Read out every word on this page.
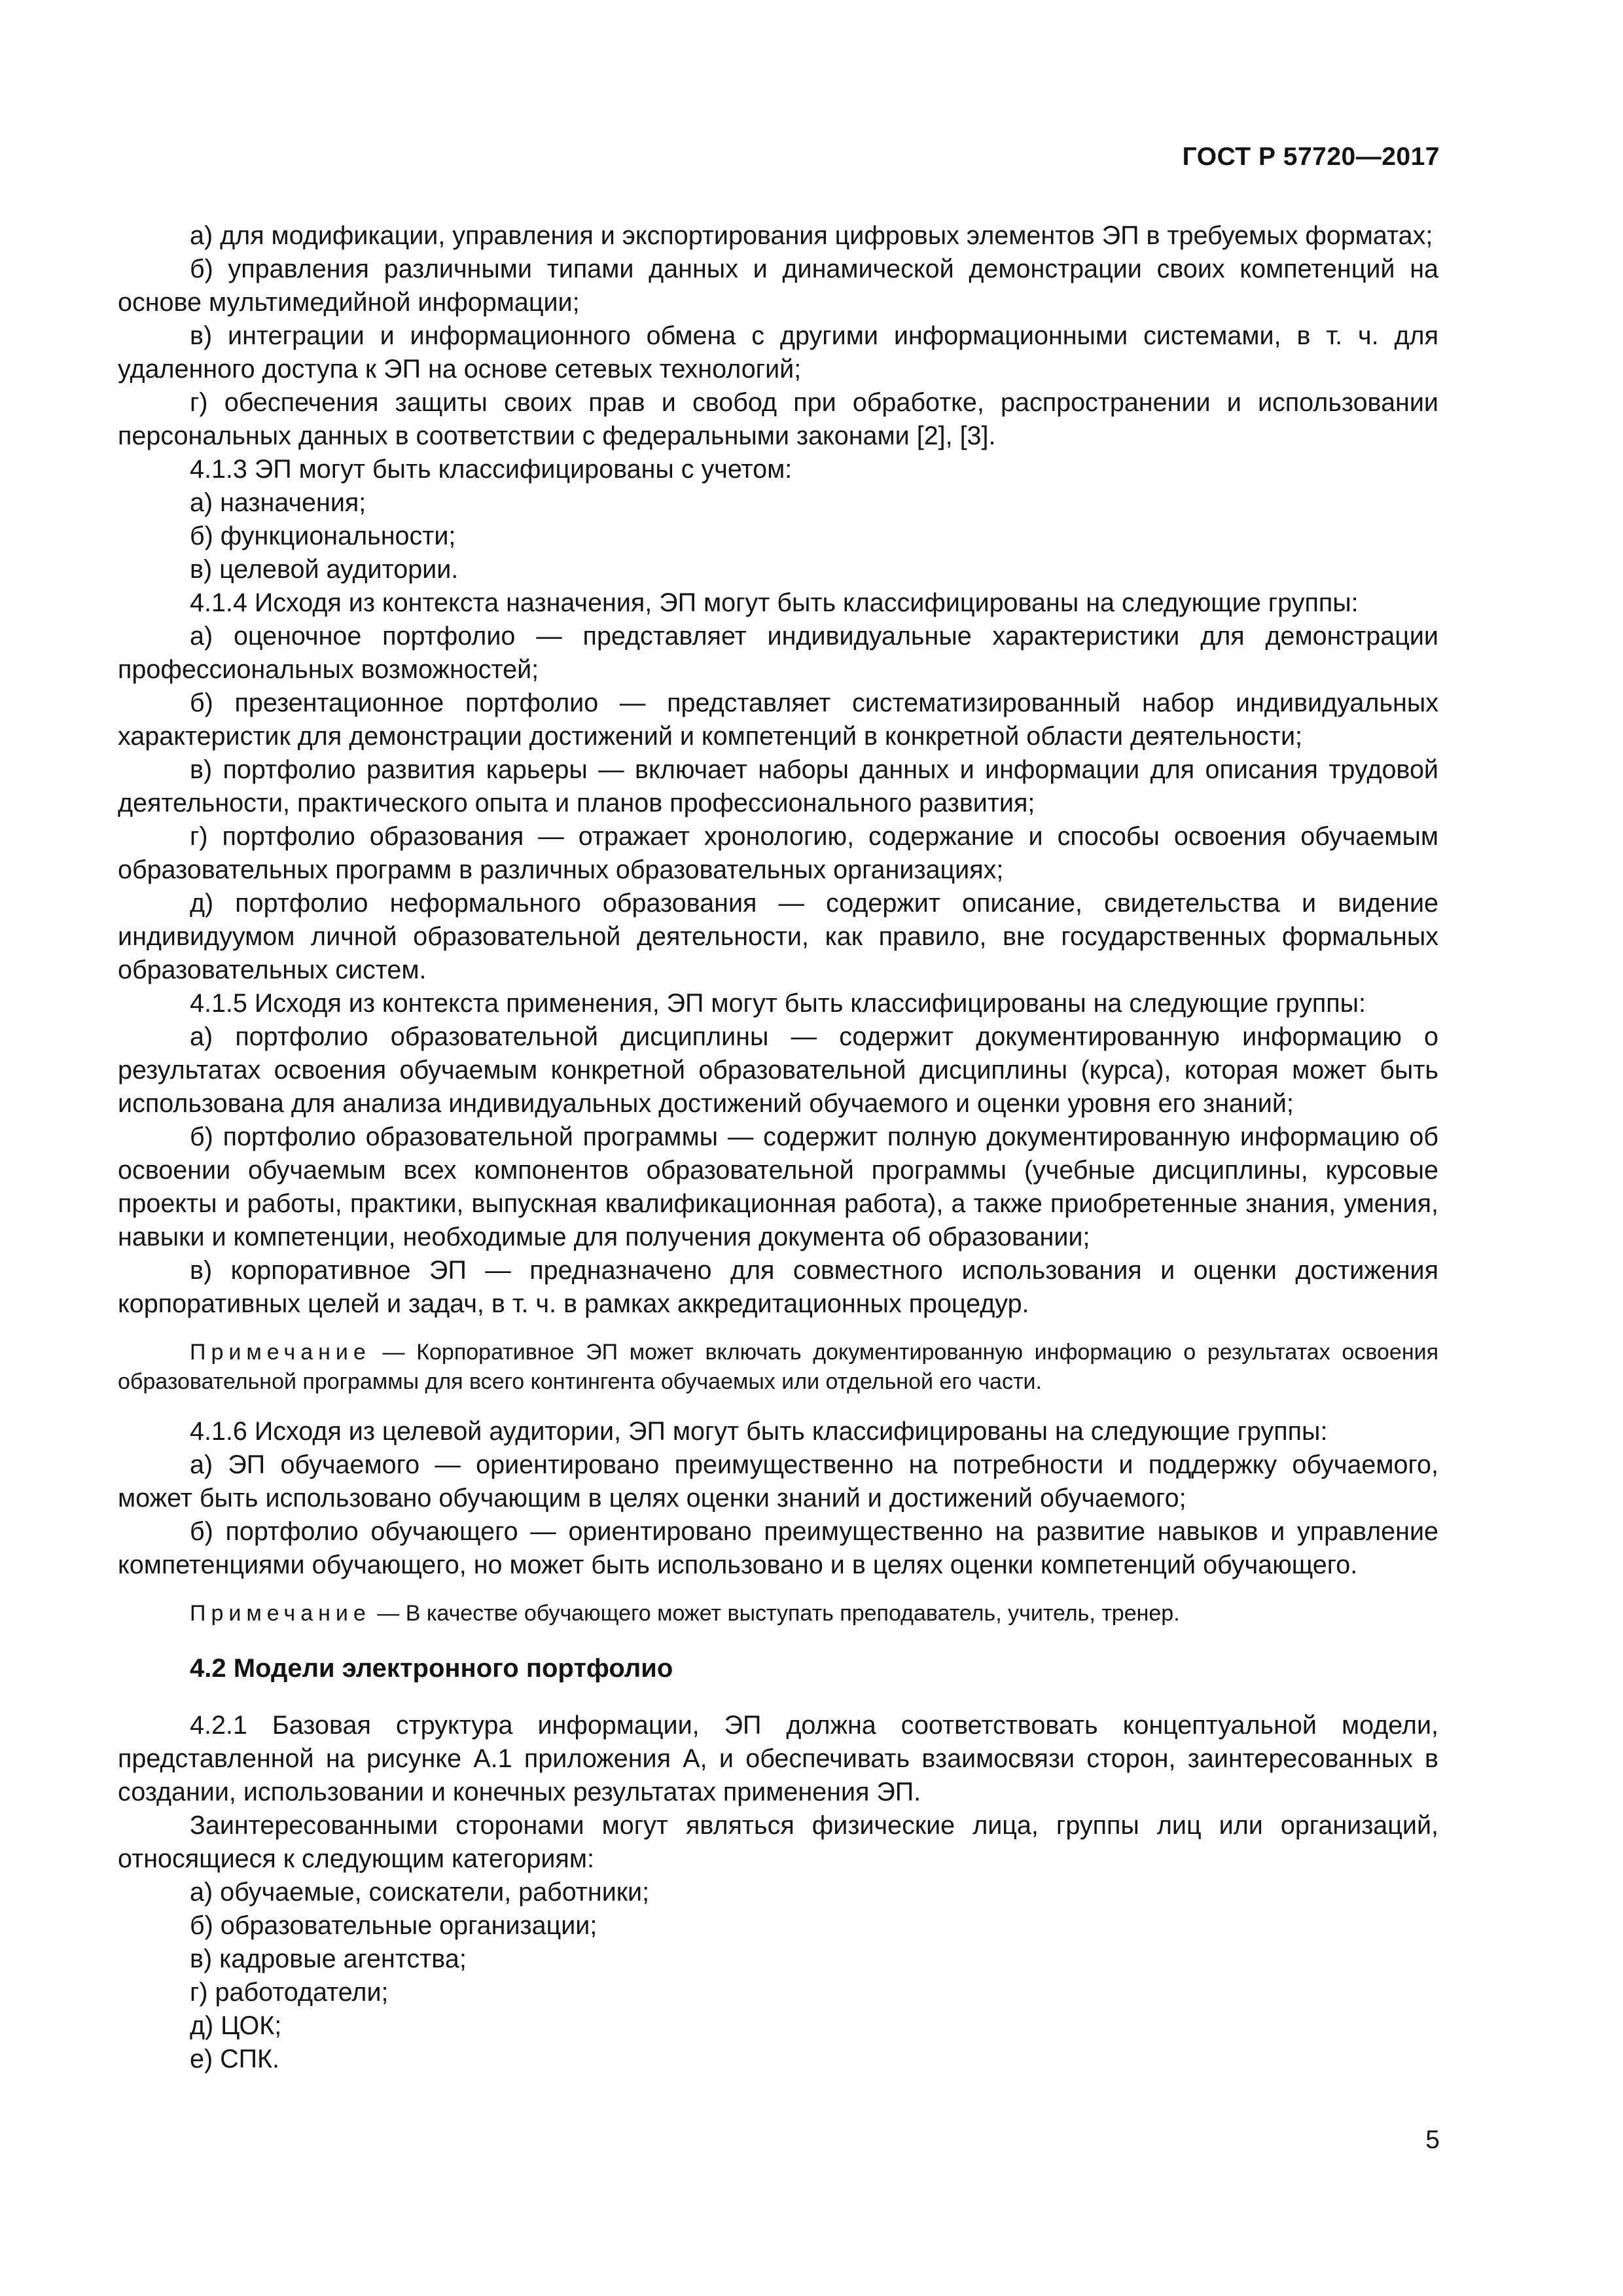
ГОСТ Р 57720—2017

а) для модификации, управления и экспортирования цифровых элементов ЭП в требуемых форматах;

б) управления различными типами данных и динамической демонстрации своих компетенций на основе мультимедийной информации;

в) интеграции и информационного обмена с другими информационными системами, в т. ч. для удаленного доступа к ЭП на основе сетевых технологий;

г) обеспечения защиты своих прав и свобод при обработке, распространении и использовании персональных данных в соответствии с федеральными законами [2], [3].

4.1.3 ЭП могут быть классифицированы с учетом:

а) назначения;

б) функциональности;

в) целевой аудитории.

4.1.4 Исходя из контекста назначения, ЭП могут быть классифицированы на следующие группы:

а) оценочное портфолио — представляет индивидуальные характеристики для демонстрации профессиональных возможностей;

б) презентационное портфолио — представляет систематизированный набор индивидуальных характеристик для демонстрации достижений и компетенций в конкретной области деятельности;

в) портфолио развития карьеры — включает наборы данных и информации для описания трудовой деятельности, практического опыта и планов профессионального развития;

г) портфолио образования — отражает хронологию, содержание и способы освоения обучаемым образовательных программ в различных образовательных организациях;

д) портфолио неформального образования — содержит описание, свидетельства и видение индивидуумом личной образовательной деятельности, как правило, вне государственных формальных образовательных систем.

4.1.5 Исходя из контекста применения, ЭП могут быть классифицированы на следующие группы:

а) портфолио образовательной дисциплины — содержит документированную информацию о результатах освоения обучаемым конкретной образовательной дисциплины (курса), которая может быть использована для анализа индивидуальных достижений обучаемого и оценки уровня его знаний;

б) портфолио образовательной программы — содержит полную документированную информацию об освоении обучаемым всех компонентов образовательной программы (учебные дисциплины, курсовые проекты и работы, практики, выпускная квалификационная работа), а также приобретенные знания, умения, навыки и компетенции, необходимые для получения документа об образовании;

в) корпоративное ЭП — предназначено для совместного использования и оценки достижения корпоративных целей и задач, в т. ч. в рамках аккредитационных процедур.

Примечание — Корпоративное ЭП может включать документированную информацию о результатах освоения образовательной программы для всего контингента обучаемых или отдельной его части.

4.1.6 Исходя из целевой аудитории, ЭП могут быть классифицированы на следующие группы:

а) ЭП обучаемого — ориентировано преимущественно на потребности и поддержку обучаемого, может быть использовано обучающим в целях оценки знаний и достижений обучаемого;

б) портфолио обучающего — ориентировано преимущественно на развитие навыков и управление компетенциями обучающего, но может быть использовано и в целях оценки компетенций обучающего.

Примечание — В качестве обучающего может выступать преподаватель, учитель, тренер.

4.2 Модели электронного портфолио

4.2.1 Базовая структура информации, ЭП должна соответствовать концептуальной модели, представленной на рисунке А.1 приложения А, и обеспечивать взаимосвязи сторон, заинтересованных в создании, использовании и конечных результатах применения ЭП.

Заинтересованными сторонами могут являться физические лица, группы лиц или организаций, относящиеся к следующим категориям:

а) обучаемые, соискатели, работники;

б) образовательные организации;

в) кадровые агентства;

г) работодатели;

д) ЦОК;

е) СПК.

5
